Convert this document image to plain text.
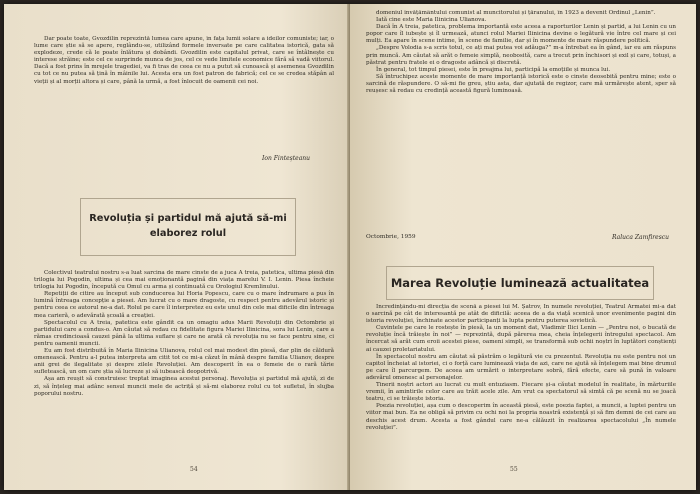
Dar poate toate, Gvozdilin reprezintă lumea care apune, în fața lumii solare a ideilor comuniste; iar, o lume care știe să se apere, reglându-se, utilizând formele inversate pe care calitatea istorică, gata să explodeze, crede că le poate înlătura și dobândi. Gvozdilin este capitalul privat, care se întâlnește cu interese străine; este cel ce surprinde munca de jos, cel ce vede limitele economice fără să vadă viitorul. Dacă a fost prins în mrejele tragediei, va fi tras de ceea ce nu a putut să cunoască și asemenea Gvozdilin cu tot ce nu putea să țină în mâinile lui. Acesta era un fost patron de fabrică; cel ce se credea stăpân al vieții și al morții altora și care, până la urmă, a fost înlocuit de oamenii cei noi.

Ion Finteșteanu
Revoluția și partidul mă ajută să-mi elaborez rolul

Colectivul teatrului nostru s-a luat sarcina de mare cinste de a juca A treia, patetica, ultima piesă din trilogia lui Pogodin, ultima și cea mai emoționantă pagină din viața marelui V. I. Lenin. Piesa încheie trilogia lui Pogodin, începută cu Omul cu arma și continuată cu Orologiul Kremlinului.

Repetiții de citire au început sub conducerea lui Horia Popescu, care cu o mare îndrumare a pus în lumină întreaga concepție a piesei. Am lucrat cu o mare dragoste, cu respect pentru adevărul istoric și pentru ceea ce autorul ne-a dat. Rolul pe care îl interpretez eu este unul din cele mai dificile din întreaga mea carieră, o adevărată școală a creației.

Spectacolul cu A treia, patetica este gândit ca un omagiu adus Marii Revoluții din Octombrie și partidului care a condus-o. Am căutat să redau cu fidelitate figura Mariei Ilinicina, sora lui Lenin, care a rămas credincioasă cauzei până la ultima suflare și care ne arată că revoluția nu se face pentru sine, ci pentru oamenii muncii.

Eu am fost distribuită în Maria Ilinicina Ulianova, rolul cel mai modest din piesă, dar plin de căldură omenească. Pentru a-l putea interpreta am citit tot ce mi-a căzut în mână despre familia Ulianov, despre anii grei de ilegalitate și despre zilele Revoluției. Am descoperit în ea o femeie de o rară tărie sufletească, un om care știa să lucreze și să iubească deopotrivă.

Așa am reușit să construiesc treptat imaginea acestui personaj. Revoluția și partidul mă ajută, zi de zi, să înțeleg mai adânc sensul muncii mele de actriță și să-mi elaborez rolul cu tot sufletul, în slujba poporului nostru.

54

domeniul învățământului comunist al muncitorului și țăranului, în 1923 a devenit Ordinul „Lenin”.

Iată cine este Maria Ilinicina Ulianova.

Dacă în A treia, patetica, problema importantă este aceea a raporturilor Lenin și partid, a lui Lenin cu un popor care îl iubește și îl urmează, atunci rolul Mariei Ilinicina devine o legătură vie între cel mare și cei mulți. Ea apare în scene intime, în scene de familie, dar și în momente de mare răspundere politică.

„Despre Volodia s-a scris totul, ce ați mai putea voi adăuga?” m-a întrebat ea în gând, iar eu am răspuns prin muncă. Am căutat să arăt o femeie simplă, neobosită, care a trecut prin închisori și exil și care, totuși, a păstrat pentru fratele ei o dragoste adâncă și discretă.

În general, tot timpul piesei, este în preajma lui, participă la emoțiile și munca lui.

Să întruchipez aceste momente de mare importanță istorică este o cinste deosebită pentru mine; este o sarcină de răspundere. O să-mi fie greu, știu asta, dar ajutată de regizor, care mă urmărește atent, sper să reușesc să redau cu credință această figură luminoasă.

Octombrie, 1959	Raluca Zamfirescu
Marea Revoluție luminează actualitatea

Încredințându-mi direcția de scenă a piesei lui M. Șatrov, În numele revoluției, Teatrul Armatei mi-a dat o sarcină pe cât de interesantă pe atât de dificilă: aceea de a da viață scenică unor evenimente pagini din istoria revoluției, închinate acestor participanți la lupta pentru puterea sovietică.

Cuvintele pe care le rostește în piesă, la un moment dat, Vladimir Ilici Lenin — „Pentru noi, o bucată de revoluție încă trăiește în noi” — reprezintă, după părerea mea, cheia înțelegerii întregului spectacol. Am încercat să arăt cum eroii acestei piese, oameni simpli, se transformă sub ochii noștri în luptători conștienți ai cauzei proletariatului.

În spectacolul nostru am căutat să păstrăm o legătură vie cu prezentul. Revoluția nu este pentru noi un capitol încheiat al istoriei, ci o forță care luminează viața de azi, care ne ajută să înțelegem mai bine drumul pe care îl parcurgem. De aceea am urmărit o interpretare sobră, fără efecte, care să pună în valoare adevărul omenesc al personajelor.

Tinerii noștri actori au lucrat cu mult entuziasm. Fiecare și-a căutat modelul în realitate, în mărturiile vremii, în amintirile celor care au trăit acele zile. Am vrut ca spectatorul să simtă că pe scenă nu se joacă teatru, ci se trăiește istoria.

Poezia revoluției, așa cum o descoperim în această piesă, este poezia faptei, a muncii, a luptei pentru un viitor mai bun. Ea ne obligă să privim cu ochi noi la propria noastră existență și să fim demni de cei care au deschis acest drum. Acesta a fost gândul care ne-a călăuzit în realizarea spectacolului „În numele revoluției”.

55
